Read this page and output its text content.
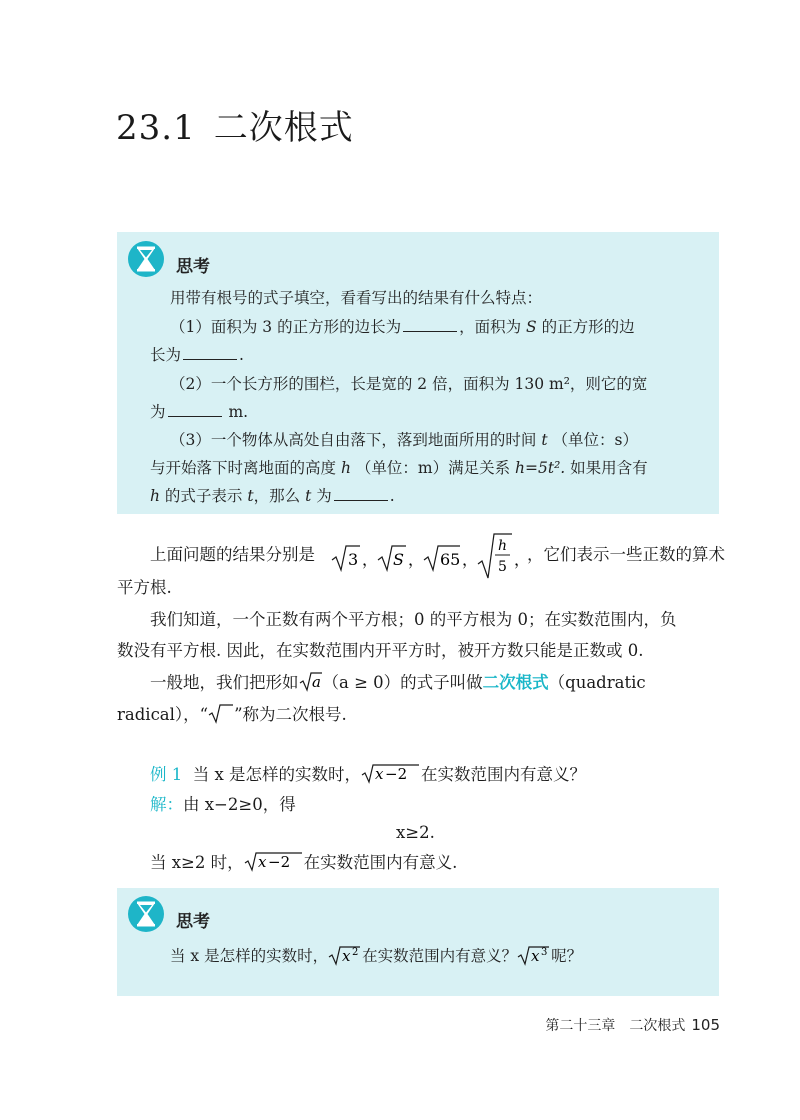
23.1 二次根式
思考
用带有根号的式子填空，看看写出的结果有什么特点：
（1）面积为 3 的正方形的边长为	，面积为 S 的正方形的边
长为	.
（2）一个长方形的围栏，长是宽的 2 倍，面积为 130 m²，则它的宽
为	m.
（3）一个物体从高处自由落下，落到地面所用的时间 t （单位：s）
与开始落下时离地面的高度 h （单位：m）满足关系 h=5t². 如果用含有
h 的式子表示 t，那么 t 为	.
上面问题的结果分别是 3 ， S ， 65 ，
h
5 ，
，它们表示一些正数的算术
平方根.
我们知道，一个正数有两个平方根；0 的平方根为 0；在实数范围内，负
数没有平方根. 因此，在实数范围内开平方时，被开方数只能是正数或 0.
一般地，我们把形如 a （a ≥ 0）的式子叫做二次根式（quadratic
radical），“ ”称为二次根号.
例 1 当 x 是怎样的实数时， x −2 在实数范围内有意义？
解：由 x−2≥0，得
x≥2.
当 x≥2 时， x −2 在实数范围内有意义.
思考
当 x 是怎样的实数时， x 2 在实数范围内有意义？ x 3 呢？
第二十三章　二次根式 105
